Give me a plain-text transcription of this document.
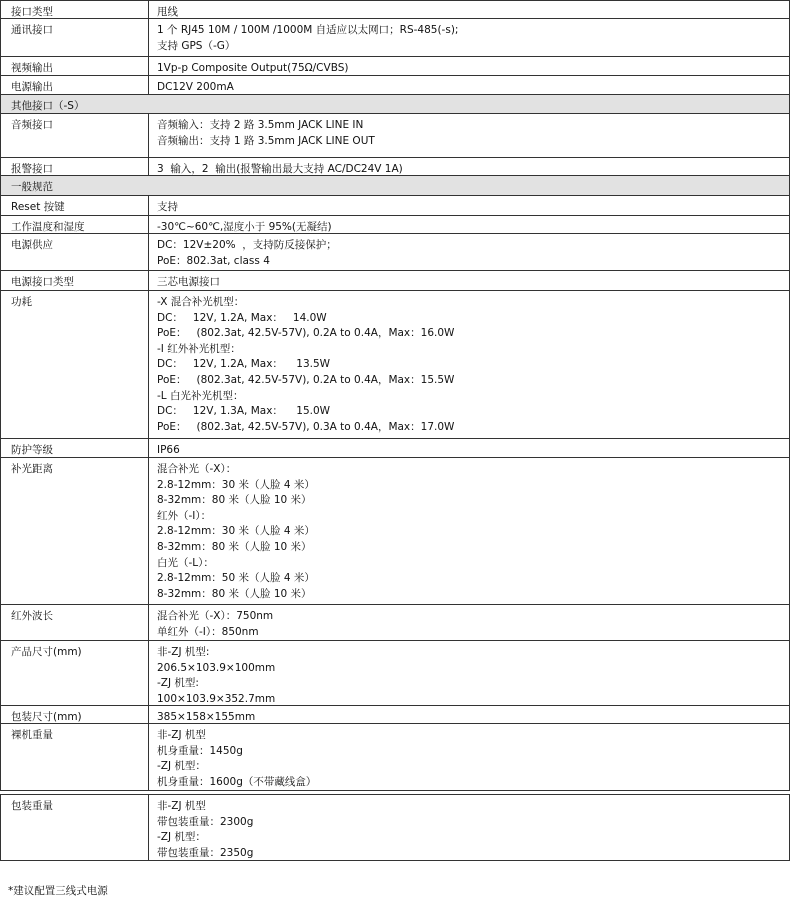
接口类型	甩线
通讯接口	1 个 RJ45 10M / 100M /1000M 自适应以太网口；RS-485(-s);
支持 GPS（-G）
视频输出	1Vp-p Composite Output(75Ω/CVBS)
电源输出	DC12V 200mA
其他接口（-S）
音频接口	音频输入：支持 2 路 3.5mm JACK LINE IN
音频输出：支持 1 路 3.5mm JACK LINE OUT
报警接口	3  输入，2  输出(报警输出最大支持 AC/DC24V 1A)
一般规范
Reset 按键	支持
工作温度和湿度	-30℃~60℃,湿度小于 95%(无凝结)
电源供应	DC：12V±20%  ，支持防反接保护；
PoE：802.3at, class 4
电源接口类型	三芯电源接口
功耗	-X 混合补光机型：
DC：   12V, 1.2A, Max：   14.0W
PoE：   (802.3at, 42.5V-57V), 0.2A to 0.4A，Max：16.0W
-I 红外补光机型：
DC：   12V, 1.2A, Max：    13.5W
PoE：   (802.3at, 42.5V-57V), 0.2A to 0.4A，Max：15.5W
-L 白光补光机型：
DC：   12V, 1.3A, Max：    15.0W
PoE：   (802.3at, 42.5V-57V), 0.3A to 0.4A，Max：17.0W
防护等级	IP66
补光距离	混合补光（-X）：
2.8-12mm：30 米（人脸 4 米）
8-32mm：80 米（人脸 10 米）
红外（-I）：
2.8-12mm：30 米（人脸 4 米）
8-32mm：80 米（人脸 10 米）
白光（-L）：
2.8-12mm：50 米（人脸 4 米）
8-32mm：80 米（人脸 10 米）
红外波长	混合补光（-X）：750nm
单红外（-I）：850nm
产品尺寸(mm)	非-ZJ 机型:
206.5×103.9×100mm
-ZJ 机型:
100×103.9×352.7mm
包装尺寸(mm)	385×158×155mm
裸机重量	非-ZJ 机型
机身重量：1450g
-ZJ 机型：
机身重量：1600g（不带藏线盒）
包装重量	非-ZJ 机型
带包装重量：2300g
-ZJ 机型：
带包装重量：2350g
*建议配置三线式电源
